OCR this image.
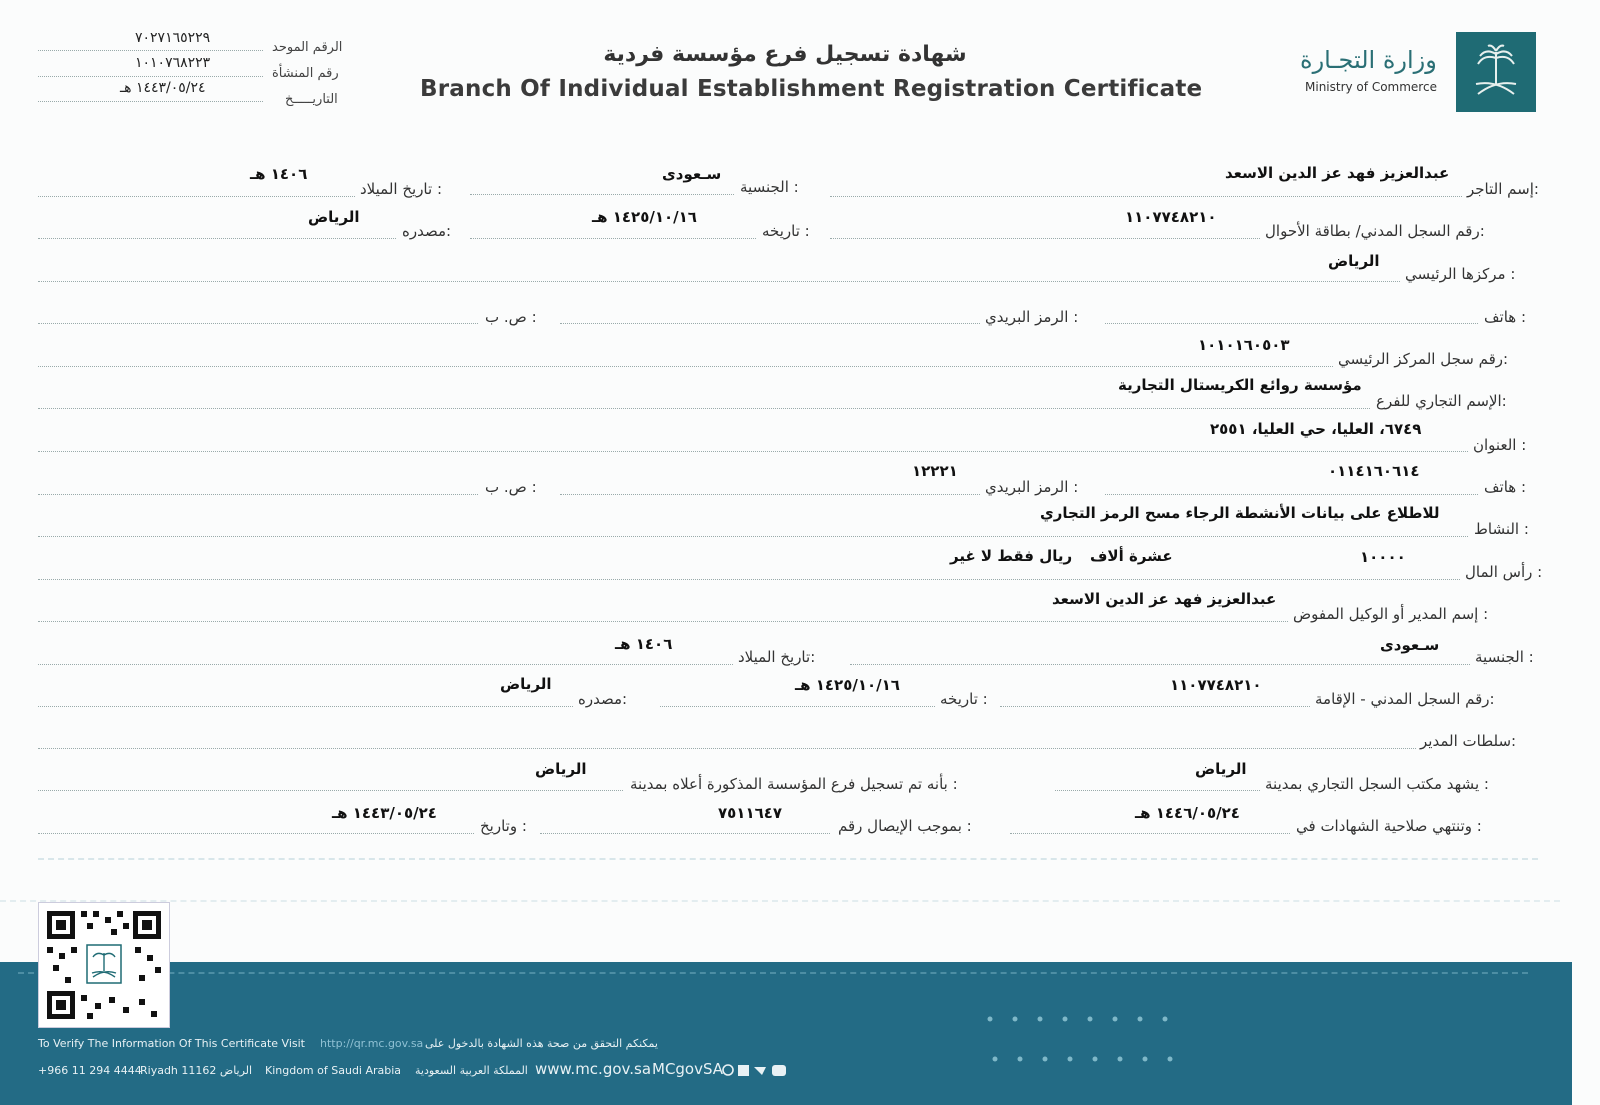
٧٠٢٧١٦٥٢٢٩
الرقم الموحد
١٠١٠٧٦٨٢٢٣
رقم المنشأة
١٤٤٣/٠٥/٢٤ هـ
التاريـــــخ
شهادة تسجيل فرع مؤسسة فردية
Branch Of Individual Establishment Registration Certificate
وزارة التجـارة
Ministry of Commerce
إسم التاجر:
عبدالعزيز فهد عز الدين الاسعد
الجنسية :
سـعودى
تاريخ الميلاد :
١٤٠٦ هـ
رقم السجل المدني/ بطاقة الأحوال:
١١٠٧٧٤٨٢١٠
تاريخه :
١٤٢٥/١٠/١٦ هـ
مصدره:
الرياض
مركزها الرئيسي :
الرياض
هاتف :
الرمز البريدي :
ص. ب :
رقم سجل المركز الرئيسي:
١٠١٠١٦٠٥٠٣
الإسم التجاري للفرع:
مؤسسة روائع الكريستال التجارية
العنوان :
٦٧٤٩، العليا، حي العليا، ٢٥٥١
هاتف :
٠١١٤١٦٠٦١٤
الرمز البريدي :
١٢٢٢١
ص. ب :
النشاط :
للاطلاع على بيانات الأنشطة الرجاء مسح الرمز التجاري
رأس المال :
١٠٠٠٠
عشرة ألاف
ريال فقط لا غير
إسم المدير أو الوكيل المفوض :
عبدالعزيز فهد عز الدين الاسعد
الجنسية :
سـعودى
تاريخ الميلاد:
١٤٠٦ هـ
رقم السجل المدني - الإقامة:
١١٠٧٧٤٨٢١٠
تاريخه :
١٤٢٥/١٠/١٦ هـ
مصدره:
الرياض
سلطات المدير:
يشهد مكتب السجل التجاري بمدينة :
الرياض
بأنه تم تسجيل فرع المؤسسة المذكورة أعلاه بمدينة :
الرياض
وتنتهي صلاحية الشهادات في :
١٤٤٦/٠٥/٢٤ هـ
بموجب الإيصال رقم :
٧٥١١٦٤٧
وتاريخ :
١٤٤٣/٠٥/٢٤ هـ
To Verify The Information Of This Certificate Visit http://qr.mc.gov.sa يمكنكم التحقق من صحة هذه الشهادة بالدخول على
+966 11 294 4444
Riyadh 11162 الرياض Kingdom of Saudi Arabia المملكة العربية السعودية www.mc.gov.sa MCgovSA
